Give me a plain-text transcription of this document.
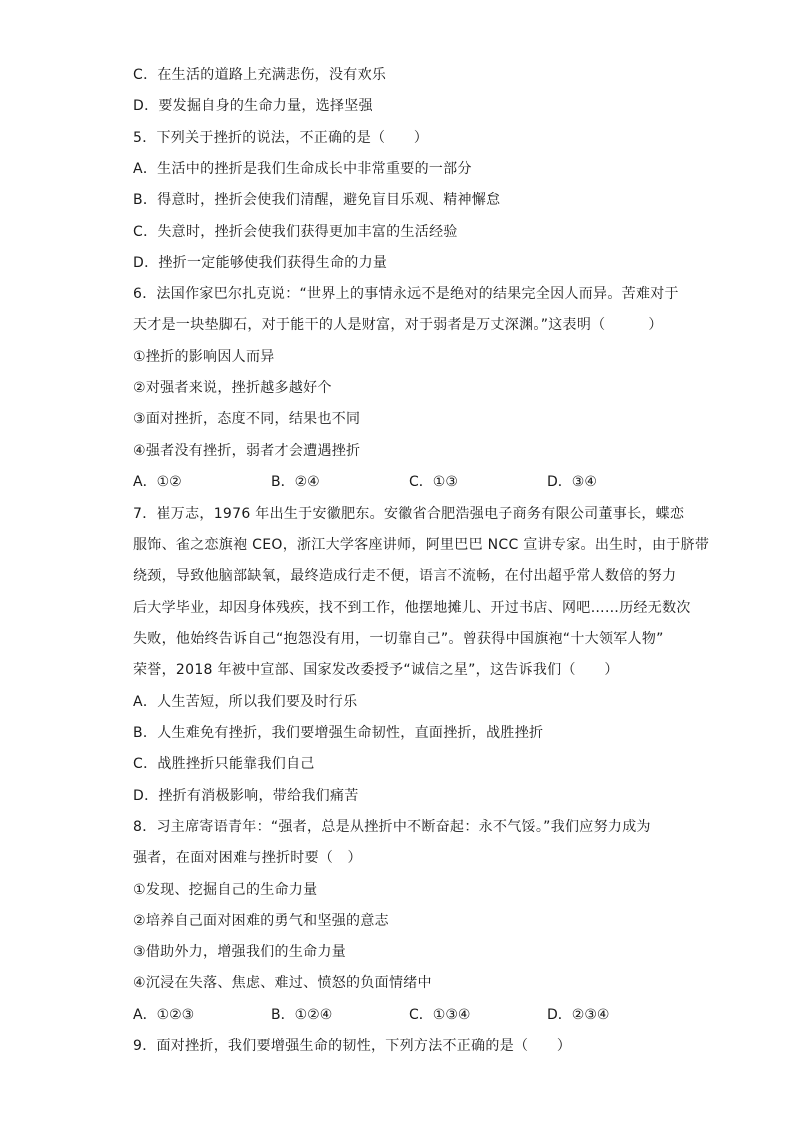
C．在生活的道路上充满悲伤，没有欢乐
D．要发掘自身的生命力量，选择坚强
5．下列关于挫折的说法，不正确的是（　　）
A．生活中的挫折是我们生命成长中非常重要的一部分
B．得意时，挫折会使我们清醒，避免盲目乐观、精神懈怠
C．失意时，挫折会使我们获得更加丰富的生活经验
D．挫折一定能够使我们获得生命的力量
6．法国作家巴尔扎克说：“世界上的事情永远不是绝对的结果完全因人而异。苦难对于
天才是一块垫脚石，对于能干的人是财富，对于弱者是万丈深渊。”这表明（　　　）
①挫折的影响因人而异
②对强者来说，挫折越多越好个
③面对挫折，态度不同，结果也不同
④强者没有挫折，弱者才会遭遇挫折
A．①②	B．②④	C．①③	D．③④
7．崔万志，1976 年出生于安徽肥东。安徽省合肥浩强电子商务有限公司董事长，蝶恋
服饰、雀之恋旗袍 CEO，浙江大学客座讲师，阿里巴巴 NCC 宣讲专家。出生时，由于脐带
绕颈，导致他脑部缺氧，最终造成行走不便，语言不流畅，在付出超乎常人数倍的努力
后大学毕业，却因身体残疾，找不到工作，他摆地摊儿、开过书店、网吧……历经无数次
失败，他始终告诉自己“抱怨没有用，一切靠自己”。曾获得中国旗袍“十大领军人物”
荣誉，2018 年被中宣部、国家发改委授予“诚信之星”，这告诉我们（　　）
A．人生苦短，所以我们要及时行乐
B．人生难免有挫折，我们要增强生命韧性，直面挫折，战胜挫折
C．战胜挫折只能靠我们自己
D．挫折有消极影响，带给我们痛苦
8．习主席寄语青年：“强者，总是从挫折中不断奋起：永不气馁。”我们应努力成为
强者，在面对困难与挫折时要（　）
①发现、挖掘自己的生命力量
②培养自己面对困难的勇气和坚强的意志
③借助外力，增强我们的生命力量
④沉浸在失落、焦虑、难过、愤怒的负面情绪中
A．①②③	B．①②④	C．①③④	D．②③④
9．面对挫折，我们要增强生命的韧性，下列方法不正确的是（　　）
